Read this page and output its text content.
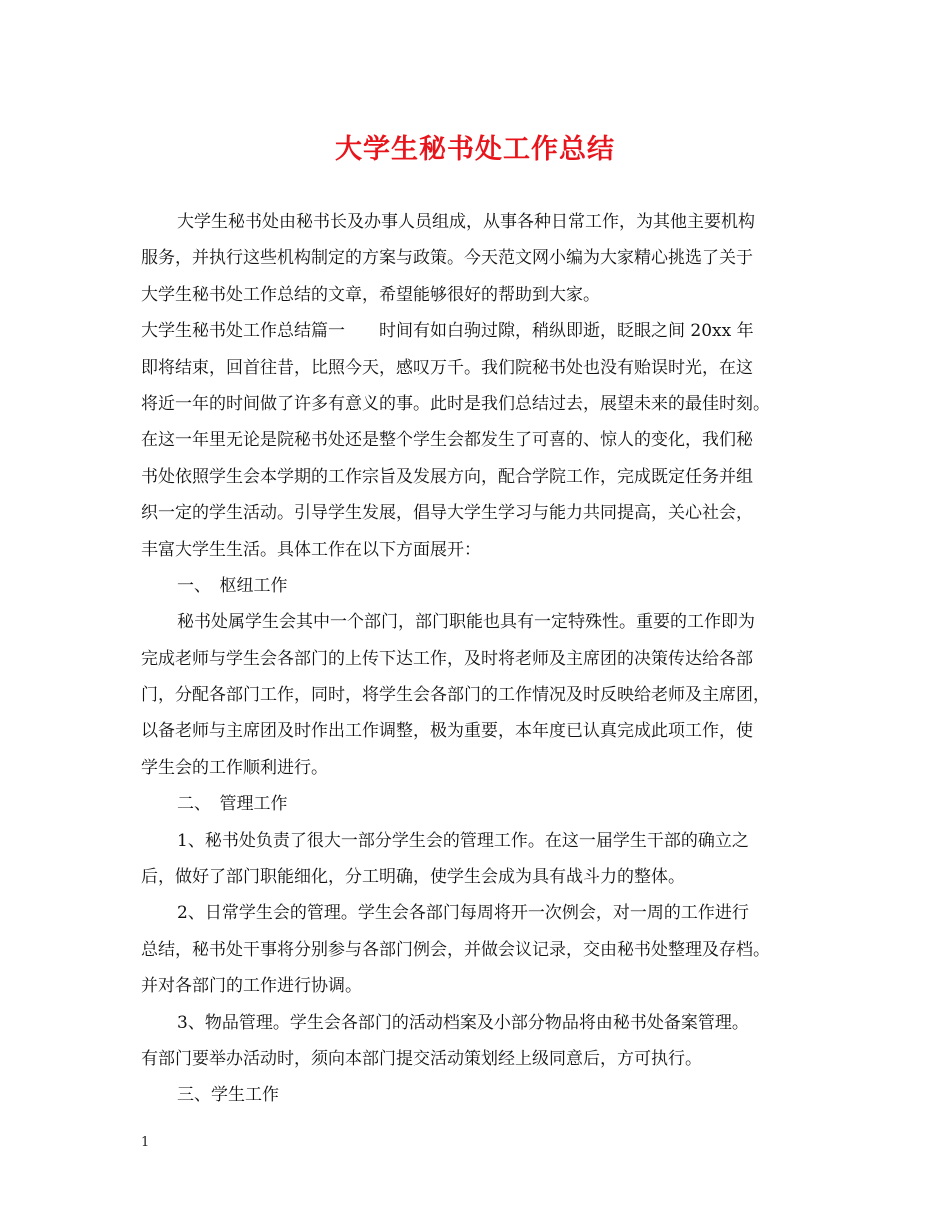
大学生秘书处工作总结
大学生秘书处由秘书长及办事人员组成，从事各种日常工作，为其他主要机构
服务，并执行这些机构制定的方案与政策。今天范文网小编为大家精心挑选了关于
大学生秘书处工作总结的文章，希望能够很好的帮助到大家。
大学生秘书处工作总结篇一　　时间有如白驹过隙，稍纵即逝，眨眼之间 20xx 年
即将结束，回首往昔，比照今天，感叹万千。我们院秘书处也没有贻误时光，在这
将近一年的时间做了许多有意义的事。此时是我们总结过去，展望未来的最佳时刻。
在这一年里无论是院秘书处还是整个学生会都发生了可喜的、惊人的变化，我们秘
书处依照学生会本学期的工作宗旨及发展方向，配合学院工作，完成既定任务并组
织一定的学生活动。引导学生发展，倡导大学生学习与能力共同提高，关心社会，
丰富大学生生活。具体工作在以下方面展开：
一、　枢纽工作
秘书处属学生会其中一个部门，部门职能也具有一定特殊性。重要的工作即为
完成老师与学生会各部门的上传下达工作，及时将老师及主席团的决策传达给各部
门，分配各部门工作，同时，将学生会各部门的工作情况及时反映给老师及主席团，
以备老师与主席团及时作出工作调整，极为重要，本年度已认真完成此项工作，使
学生会的工作顺利进行。
二、　管理工作
1、秘书处负责了很大一部分学生会的管理工作。在这一届学生干部的确立之
后，做好了部门职能细化，分工明确，使学生会成为具有战斗力的整体。
2、日常学生会的管理。学生会各部门每周将开一次例会，对一周的工作进行
总结，秘书处干事将分别参与各部门例会，并做会议记录，交由秘书处整理及存档。
并对各部门的工作进行协调。
3、物品管理。学生会各部门的活动档案及小部分物品将由秘书处备案管理。
有部门要举办活动时，须向本部门提交活动策划经上级同意后，方可执行。
三、学生工作
1
